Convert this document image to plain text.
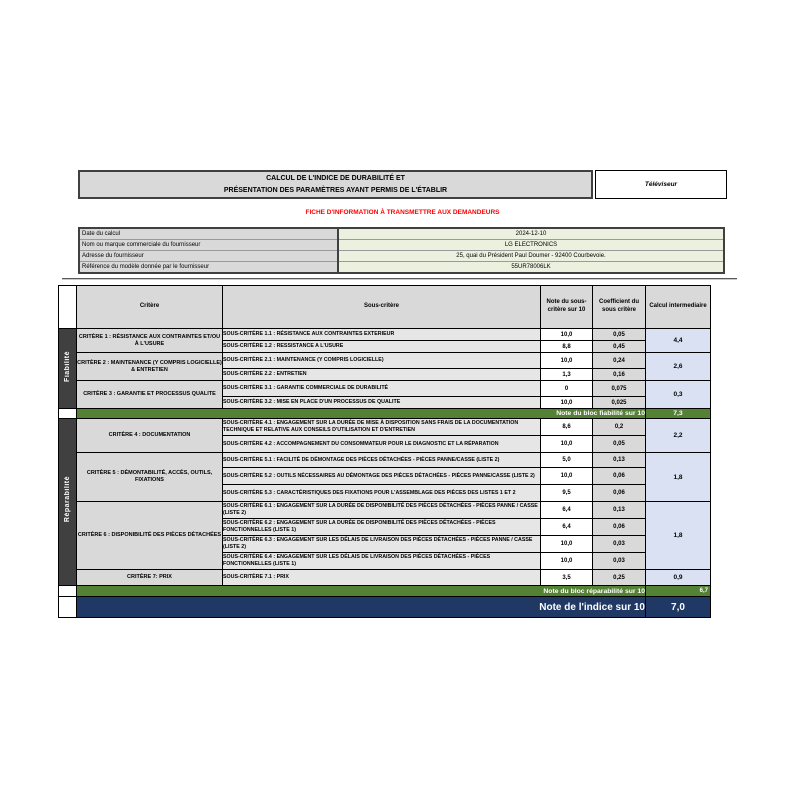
CALCUL DE L'INDICE DE DURABILITÉ ET
PRÉSENTATION DES PARAMÈTRES AYANT PERMIS DE L'ÉTABLIR
Téléviseur
FICHE D'INFORMATION À TRANSMETTRE AUX DEMANDEURS
Date du calcul	2024-12-10
Nom ou marque commerciale du fournisseur	LG ELECTRONICS
Adresse du fournisseur	25, quai du Président Paul Doumer - 92400 Courbevoie.
Référence du modèle donnée par le fournisseur	55UR78006LK
	Critère	Sous-critère	Note du sous-critère sur 10	Coefficient du sous critère	Calcul intermediaire
Fiabilité	CRITÈRE 1 : RÉSISTANCE AUX CONTRAINTES ET/OU À L'USURE	SOUS-CRITÈRE 1.1 : RÉSISTANCE AUX CONTRAINTES EXTERIEUR	10,0	0,05	4,4
		SOUS-CRITÈRE 1.2 : RESSISTANCE A L'USURE	8,8	0,45	
	CRITÈRE 2 : MAINTENANCE (Y COMPRIS LOGICIELLE) & ENTRETIEN	SOUS-CRITÈRE 2.1 : MAINTENANCE (Y COMPRIS LOGICIELLE)	10,0	0,24	2,6
		SOUS-CRITÈRE 2.2 : ENTRETIEN	1,3	0,16	
	CRITÈRE 3 : GARANTIE ET PROCESSUS QUALITE	SOUS-CRITÈRE 3.1 : GARANTIE COMMERCIALE DE DURABILITÉ	0	0,075	0,3
		SOUS-CRITÈRE 3.2 : MISE EN PLACE D'UN PROCESSUS DE QUALITE	10,0	0,025	
	Note du bloc fiabilité sur 10				7,3
Réparabilité	CRITÈRE 4 : DOCUMENTATION	SOUS-CRITÈRE 4.1 : ENGAGEMENT SUR LA DURÉE DE MISE À DISPOSITION SANS FRAIS DE LA DOCUMENTATION TECHNIQUE ET RELATIVE AUX CONSEILS D'UTILISATION ET D'ENTRETIEN	8,6	0,2	2,2
		SOUS-CRITÈRE 4.2 : ACCOMPAGNEMENT DU CONSOMMATEUR POUR LE DIAGNOSTIC ET LA RÉPARATION	10,0	0,05	
	CRITÈRE 5 : DÉMONTABILITÉ, ACCÈS, OUTILS, FIXATIONS	SOUS-CRITÈRE 5.1 : FACILITÉ DE DÉMONTAGE DES PIÈCES DÉTACHÉES - PIÈCES PANNE/CASSE (LISTE 2)	5,0	0,13	1,8
		SOUS-CRITÈRE 5.2 : OUTILS NÉCESSAIRES AU DÉMONTAGE DES PIÈCES DÉTACHÉES - PIÈCES PANNE/CASSE (LISTE 2)	10,0	0,06	
		SOUS-CRITÈRE 5.3 : CARACTÉRISTIQUES DES FIXATIONS POUR L'ASSEMBLAGE DES PIÈCES DES LISTES 1 ET 2	9,5	0,06	
	CRITÈRE 6 : DISPONIBILITÉ DES PIÈCES DÉTACHÉES	SOUS-CRITÈRE 6.1 : ENGAGEMENT SUR LA DURÉE DE DISPONIBILITÉ DES PIÈCES DÉTACHÉES - PIÈCES PANNE / CASSE (LISTE 2)	6,4	0,13	1,8
		SOUS-CRITÈRE 6.2 : ENGAGEMENT SUR LA DURÉE DE DISPONIBILITÉ DES PIÈCES DÉTACHÉES - PIÈCES FONCTIONNELLES (LISTE 1)	6,4	0,06	
		SOUS-CRITÈRE 6.3 : ENGAGEMENT SUR LES DÉLAIS DE LIVRAISON DES PIÈCES DÉTACHÉES - PIÈCES PANNE / CASSE (LISTE 2)	10,0	0,03	
		SOUS-CRITÈRE 6.4 : ENGAGEMENT SUR LES DÉLAIS DE LIVRAISON DES PIÈCES DÉTACHÉES - PIÈCES FONCTIONNELLES (LISTE 1)	10,0	0,03	
	CRITÈRE 7: PRIX	SOUS-CRITÈRE 7.1 : PRIX	3,5	0,25	0,9
	Note du bloc réparabilité sur 10				6,7
	Note de l'indice sur 10				7,0
